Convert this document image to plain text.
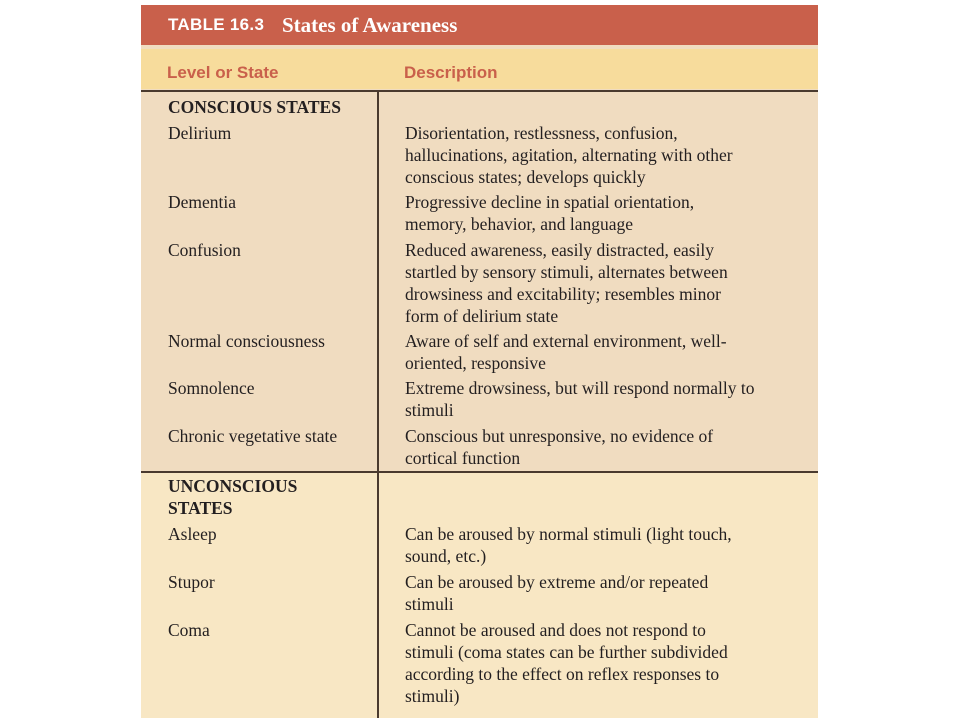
TABLE 16.3 States of Awareness
Level or State	Description
CONSCIOUS STATES
Delirium	Disorientation, restlessness, confusion,
hallucinations, agitation, alternating with other
conscious states; develops quickly
Dementia	Progressive decline in spatial orientation,
memory, behavior, and language
Confusion	Reduced awareness, easily distracted, easily
startled by sensory stimuli, alternates between
drowsiness and excitability; resembles minor
form of delirium state
Normal consciousness	Aware of self and external environment, well-
oriented, responsive
Somnolence	Extreme drowsiness, but will respond normally to
stimuli
Chronic vegetative state	Conscious but unresponsive, no evidence of
cortical function
UNCONSCIOUS
STATES
Asleep	Can be aroused by normal stimuli (light touch,
sound, etc.)
Stupor	Can be aroused by extreme and/or repeated
stimuli
Coma	Cannot be aroused and does not respond to
stimuli (coma states can be further subdivided
according to the effect on reflex responses to
stimuli)
